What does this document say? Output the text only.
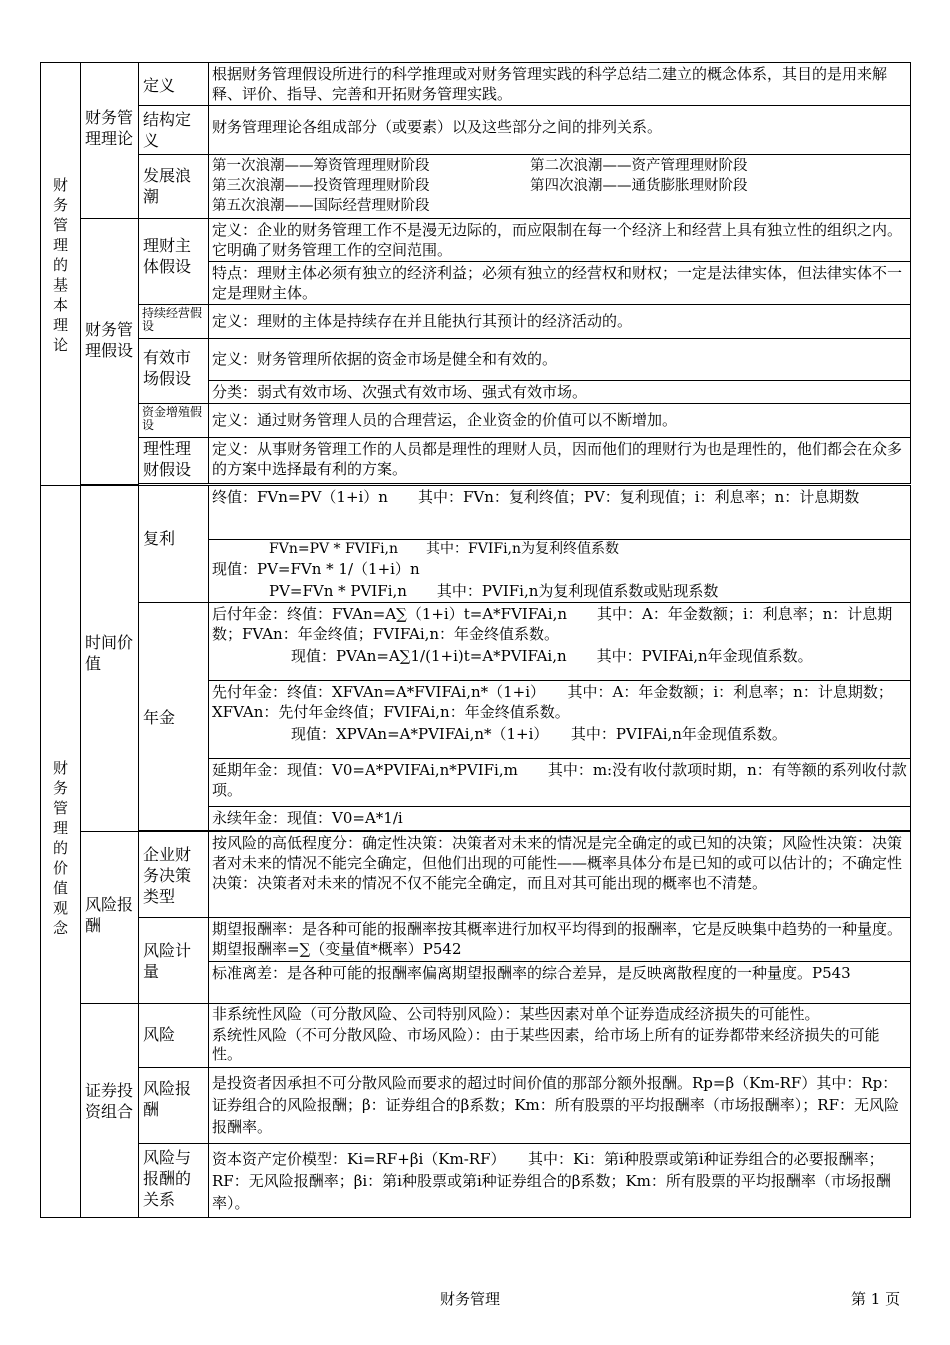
财务管理的基本理论	财务管理理论	定义	根据财务管理假设所进行的科学推理或对财务管理实践的科学总结二建立的概念体系，其目的是用来解释、评价、指导、完善和开拓财务管理实践。

		结构定义	财务管理理论各组成部分（或要素）以及这些部分之间的排列关系。

		发展浪潮	第一次浪潮——筹资管理理财阶段 第二次浪潮——资产管理理财阶段
第三次浪潮——投资管理理财阶段 第四次浪潮——通货膨胀理财阶段
第五次浪潮——国际经营理财阶段

	财务管理假设	理财主体假设	定义：企业的财务管理工作不是漫无边际的，而应限制在每一个经济上和经营上具有独立性的组织之内。它明确了财务管理工作的空间范围。

			特点：理财主体必须有独立的经济利益；必须有独立的经营权和财权；一定是法律实体，但法律实体不一定是理财主体。

		持续经营假设	定义：理财的主体是持续存在并且能执行其预计的经济活动的。

		有效市场假设	定义：财务管理所依据的资金市场是健全和有效的。

			分类：弱式有效市场、次强式有效市场、强式有效市场。

		资金增殖假设	定义：通过财务管理人员的合理营运，企业资金的价值可以不断增加。

		理性理财假设	定义：从事财务管理工作的人员都是理性的理财人员，因而他们的理财行为也是理性的，他们都会在众多的方案中选择最有利的方案。

财务管理的价值观念	时间价值	复利	终值：FVn=PV（1+i）n　　其中：FVn：复利终值；PV：复利现值；i：利息率；n：计息期数

			FVn=PV * FVIFi,n　　其中：FVIFi,n为复利终值系数
现值：PV=FVn * 1/（1+i）n
PV=FVn * PVIFi,n　　其中：PVIFi,n为复利现值系数或贴现系数

		年金	后付年金：终值：FVAn=A∑（1+i）t=A*FVIFAi,n　　其中：A：年金数额；i：利息率；n：计息期数；FVAn：年金终值；FVIFAi,n：年金终值系数。
现值：PVAn=A∑1/(1+i)t=A*PVIFAi,n　　其中：PVIFAi,n年金现值系数。

			先付年金：终值：XFVAn=A*FVIFAi,n*（1+i）　　其中：A：年金数额；i：利息率；n：计息期数；XFVAn：先付年金终值；FVIFAi,n：年金终值系数。
现值：XPVAn=A*PVIFAi,n*（1+i）　　其中：PVIFAi,n年金现值系数。

			延期年金：现值：V0=A*PVIFAi,n*PVIFi,m　　其中：m:没有收付款项时期，n：有等额的系列收付款项。

			永续年金：现值：V0=A*1/i

	风险报酬	企业财务决策类型	按风险的高低程度分：确定性决策：决策者对未来的情况是完全确定的或已知的决策；风险性决策：决策者对未来的情况不能完全确定，但他们出现的可能性——概率具体分布是已知的或可以估计的；不确定性决策：决策者对未来的情况不仅不能完全确定，而且对其可能出现的概率也不清楚。

		风险计量	期望报酬率：是各种可能的报酬率按其概率进行加权平均得到的报酬率，它是反映集中趋势的一种量度。期望报酬率=∑（变量值*概率）P542

			标准离差：是各种可能的报酬率偏离期望报酬率的综合差异，是反映离散程度的一种量度。P543

	证券投资组合	风险	非系统性风险（可分散风险、公司特别风险）：某些因素对单个证券造成经济损失的可能性。
系统性风险（不可分散风险、市场风险）：由于某些因素，给市场上所有的证券都带来经济损失的可能性。

		风险报酬	是投资者因承担不可分散风险而要求的超过时间价值的那部分额外报酬。Rp=β（Km-RF）其中：Rp：证券组合的风险报酬；β：证券组合的β系数；Km：所有股票的平均报酬率（市场报酬率）；RF：无风险报酬率。

		风险与报酬的关系	资本资产定价模型：Ki=RF+βi（Km-RF）　　其中：Ki：第i种股票或第i种证券组合的必要报酬率；RF：无风险报酬率；βi：第i种股票或第i种证券组合的β系数；Km：所有股票的平均报酬率（市场报酬率）。
财务管理	第 1 页
